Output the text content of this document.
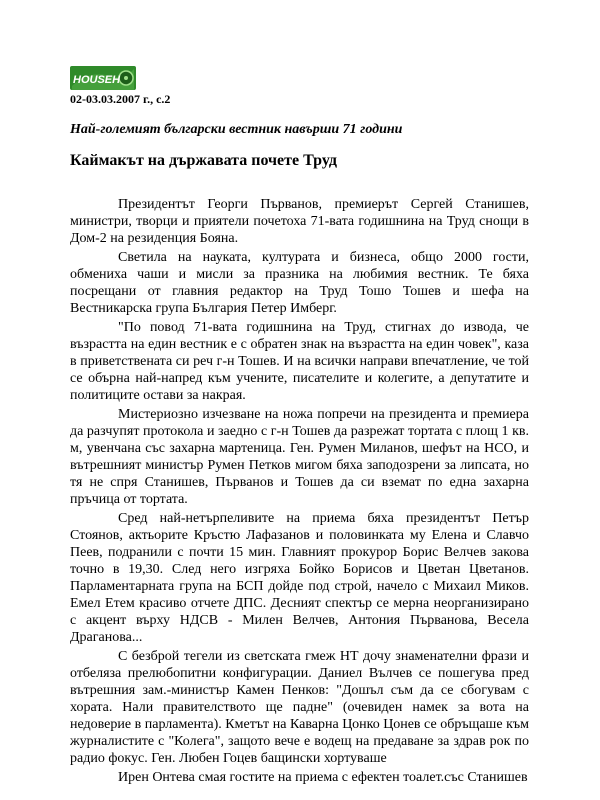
HOUSEH
02-03.03.2007 г., с.2
Най-големият български вестник навърши 71 години
Каймакът на държавата почете Труд

Президентът Георги Първанов, премиерът Сергей Станишев, министри, творци и приятели почетоха 71-вата годишнина на Труд снощи в Дом-2 на резиденция Бояна.

Светила на науката, културата и бизнеса, общо 2000 гости, обмениха чаши и мисли за празника на любимия вестник. Те бяха посрещани от главния редактор на Труд Тошо Тошев и шефа на Вестникарска група България Петер Имберг.

"По повод 71-вата годишнина на Труд, стигнах до извода, че възрастта на един вестник е с обратен знак на възрастта на един човек", каза в приветствената си реч г-н Тошев. И на всички направи впечатление, че той се обърна най-напред към учените, писателите и колегите, а депутатите и политиците остави за накрая.

Мистериозно изчезване на ножа попречи на президента и премиера да разчупят протокола и заедно с г-н Тошев да разрежат тортата с площ 1 кв. м, увенчана със захарна мартеница. Ген. Румен Миланов, шефът на НСО, и вътрешният министър Румен Петков мигом бяха заподозрени за липсата, но тя не спря Станишев, Първанов и Тошев да си вземат по една захарна пръчица от тортата.

Сред най-нетърпеливите на приема бяха президентът Петър Стоянов, актьорите Кръстю Лафазанов и половинката му Елена и Славчо Пеев, подранили с почти 15 мин. Главният прокурор Борис Велчев закова точно в 19,30. След него изгряха Бойко Борисов и Цветан Цветанов. Парламентарната група на БСП дойде под строй, начело с Михаил Миков. Емел Етем красиво отчете ДПС. Десният спектър се мерна неорганизирано с акцент върху НДСВ - Милен Велчев, Антония Първанова, Весела Драганова...

С безброй тегели из светската гмеж НТ дочу знаменателни фрази и отбеляза прелюбопитни конфигурации. Даниел Вълчев се пошегува пред вътрешния зам.-министър Камен Пенков: "Дошъл съм да се сбогувам с хората. Нали правителството ще падне" (очевиден намек за вота на недоверие в парламента). Кметът на Каварна Цонко Цонев се обръщаше към журналистите с "Колега", защото вече е водещ на предаване за здрав рок по радио фокус. Ген. Любен Гоцев бащински хортуваше

Ирен Онтева смая гостите на приема с ефектен тоалет.със Станишев
